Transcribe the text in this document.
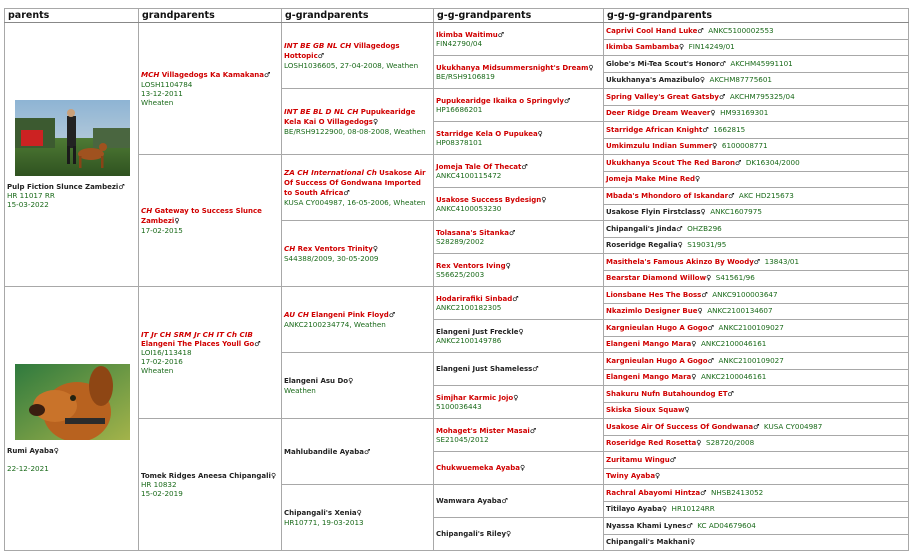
parents	grandparents	g-grandparents	g-g-grandparents	g-g-g-grandparents

Pulp Fiction Slunce Zambezi♂
HR 11017 RR
15-03-2022	MCH Villagedogs Ka Kamakana♂
LOSH1104784
13-12-2011
Wheaten	INT BE GB NL CH Villagedogs Hottopic♂
LOSH1036605, 27-04-2008, Weathen	Ikimba Waitimu♂
FIN42790/04	Caprivi Cool Hand Luke♂ ANKC5100002553
				Ikimba Sambamba♀ FIN14249/01
			Ukukhanya Midsummersnight's Dream♀
BE/RSH9106819	Globe's Mi-Tea Scout's Honor♂ AKCHM45991101
				Ukukhanya's Amazibulo♀ AKCHM87775601
		INT BE BL D NL CH Pupukearidge Kela Kai O Villagedogs♀
BE/RSH9122900, 08-08-2008, Weathen	Pupukearidge Ikaika o Springvly♂
HP16686201	Spring Valley's Great Gatsby♂ AKCHM795325/04
				Deer Ridge Dream Weaver♀ HM93169301
			Starridge Kela O Pupukea♀
HP08378101	Starridge African Knight♂ 1662815
				Umkimzulu Indian Summer♀ 6100008771
	CH Gateway to Success Slunce Zambezi♀
17-02-2015	ZA CH International Ch Usakose Air Of Success Of Gondwana Imported to South Africa♂
KUSA CY004987, 16-05-2006, Wheaten	Jomeja Tale Of Thecat♂
ANKC4100115472	Ukukhanya Scout The Red Baron♂ DK16304/2000
				Jomeja Make Mine Red♀
			Usakose Success Bydesign♀
ANKC4100053230	Mbada's Mhondoro of Iskandar♂ AKC HD215673
				Usakose Flyin Firstclass♀ ANKC1607975
		CH Rex Ventors Trinity♀
S44388/2009, 30-05-2009	Tolasana's Sitanka♂
S28289/2002	Chipangali's Jinda♂ OHZB296
				Roseridge Regalia♀ S19031/95
			Rex Ventors Iving♀
S56625/2003	Masithela's Famous Akinzo By Woody♂ 13843/01
				Bearstar Diamond Willow♀ S41561/96

Rumi Ayaba♀

22-12-2021	IT Jr CH SRM Jr CH IT Ch CIB Elangeni The Places Youll Go♂
LOI16/113418
17-02-2016
Wheaten	AU CH Elangeni Pink Floyd♂
ANKC2100234774, Weathen	Hodarirafiki Sinbad♂
ANKC2100182305	Lionsbane Hes The Boss♂ ANKC9100003647
				Nkazimlo Designer Bue♀ ANKC2100134607
			Elangeni Just Freckle♀
ANKC2100149786	Kargnieulan Hugo A Gogo♂ ANKC2100109027
				Elangeni Mango Mara♀ ANKC2100046161
		Elangeni Asu Do♀
Weathen	Elangeni Just Shameless♂	Kargnieulan Hugo A Gogo♂ ANKC2100109027
				Elangeni Mango Mara♀ ANKC2100046161
			Simjhar Karmic Jojo♀
5100036443	Shakuru Nufn Butahoundog ET♂
				Skiska Sioux Squaw♀
	Tomek Ridges Aneesa Chipangali♀
HR 10832
15-02-2019	Mahlubandile Ayaba♂	Mohaget's Mister Masai♂
SE21045/2012	Usakose Air Of Success Of Gondwana♂ KUSA CY004987
				Roseridge Red Rosetta♀ S28720/2008
			Chukwuemeka Ayaba♀	Zuritamu Wingu♂
				Twiny Ayaba♀
		Chipangali's Xenia♀
HR10771, 19-03-2013	Wamwara Ayaba♂	Rachral Abayomi Hintza♂ NHSB2413052
				Titilayo Ayaba♀ HR10124RR
			Chipangali's Riley♀	Nyassa Khami Lynes♂ KC AD04679604
				Chipangali's Makhani♀
